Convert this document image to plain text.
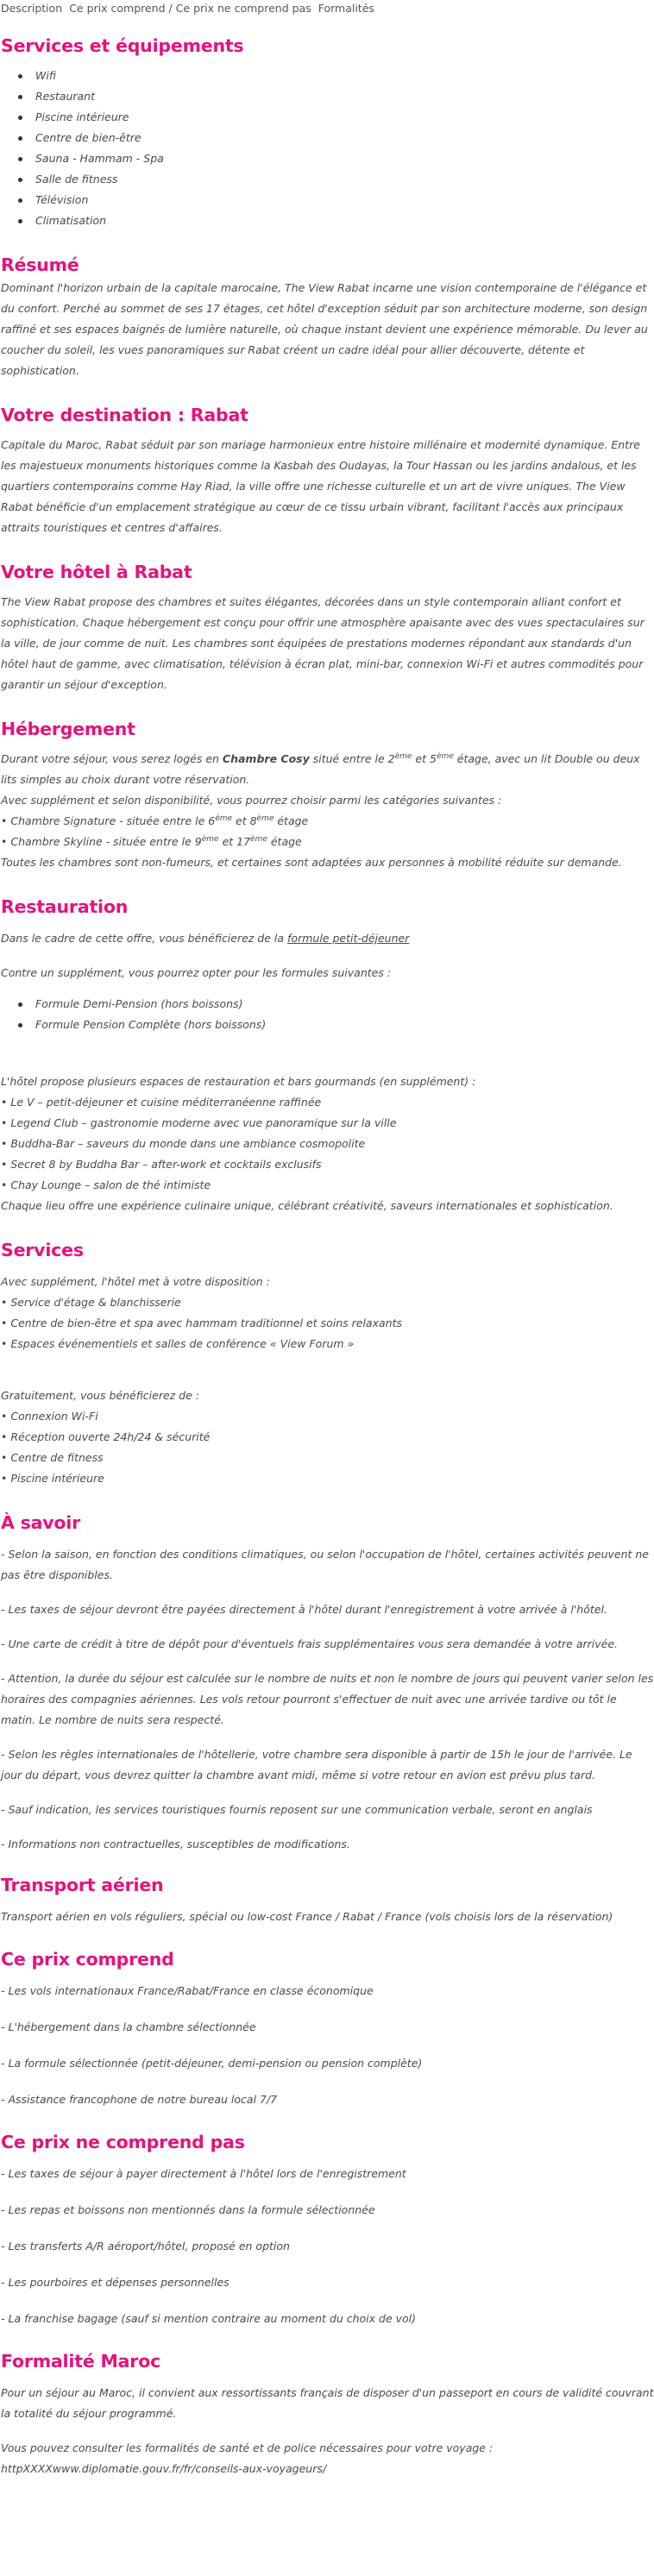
Description Ce prix comprend / Ce prix ne comprend pas Formalités
Services et équipements
Wifi
Restaurant
Piscine intérieure
Centre de bien-être
Sauna - Hammam - Spa
Salle de fitness
Télévision
Climatisation
Résumé

Dominant l'horizon urbain de la capitale marocaine, The View Rabat incarne une vision contemporaine de l'élégance et du confort. Perché au sommet de ses 17 étages, cet hôtel d'exception séduit par son architecture moderne, son design raffiné et ses espaces baignés de lumière naturelle, où chaque instant devient une expérience mémorable. Du lever au coucher du soleil, les vues panoramiques sur Rabat créent un cadre idéal pour allier découverte, détente et sophistication.

Votre destination : Rabat

Capitale du Maroc, Rabat séduit par son mariage harmonieux entre histoire millénaire et modernité dynamique. Entre les majestueux monuments historiques comme la Kasbah des Oudayas, la Tour Hassan ou les jardins andalous, et les quartiers contemporains comme Hay Riad, la ville offre une richesse culturelle et un art de vivre uniques. The View Rabat bénéficie d'un emplacement stratégique au cœur de ce tissu urbain vibrant, facilitant l'accès aux principaux attraits touristiques et centres d'affaires.

Votre hôtel à Rabat

The View Rabat propose des chambres et suites élégantes, décorées dans un style contemporain alliant confort et sophistication. Chaque hébergement est conçu pour offrir une atmosphère apaisante avec des vues spectaculaires sur la ville, de jour comme de nuit. Les chambres sont équipées de prestations modernes répondant aux standards d'un hôtel haut de gamme, avec climatisation, télévision à écran plat, mini-bar, connexion Wi-Fi et autres commodités pour garantir un séjour d'exception.

Hébergement

Durant votre séjour, vous serez logés en Chambre Cosy situé entre le 2ème et 5ème étage, avec un lit Double ou deux lits simples au choix durant votre réservation.

Avec supplément et selon disponibilité, vous pourrez choisir parmi les catégories suivantes :

• Chambre Signature - située entre le 6ème et 8ème étage

• Chambre Skyline - située entre le 9ème et 17ème étage

Toutes les chambres sont non-fumeurs, et certaines sont adaptées aux personnes à mobilité réduite sur demande.

Restauration

Dans le cadre de cette offre, vous bénéficierez de la formule petit-déjeuner

Contre un supplément, vous pourrez opter pour les formules suivantes :

Formule Demi-Pension (hors boissons)
Formule Pension Complète (hors boissons)

L'hôtel propose plusieurs espaces de restauration et bars gourmands (en supplément) :

• Le V – petit-déjeuner et cuisine méditerranéenne raffinée

• Legend Club – gastronomie moderne avec vue panoramique sur la ville

• Buddha-Bar – saveurs du monde dans une ambiance cosmopolite

• Secret 8 by Buddha Bar – after-work et cocktails exclusifs

• Chay Lounge – salon de thé intimiste

Chaque lieu offre une expérience culinaire unique, célébrant créativité, saveurs internationales et sophistication.

Services

Avec supplément, l'hôtel met à votre disposition :

• Service d'étage & blanchisserie

• Centre de bien-être et spa avec hammam traditionnel et soins relaxants

• Espaces événementiels et salles de conférence « View Forum »

Gratuitement, vous bénéficierez de :

• Connexion Wi-Fi

• Réception ouverte 24h/24 & sécurité

• Centre de fitness

• Piscine intérieure

À savoir

- Selon la saison, en fonction des conditions climatiques, ou selon l'occupation de l'hôtel, certaines activités peuvent ne pas être disponibles.

- Les taxes de séjour devront être payées directement à l'hôtel durant l'enregistrement à votre arrivée à l'hôtel.

- Une carte de crédit à titre de dépôt pour d'éventuels frais supplémentaires vous sera demandée à votre arrivée.

- Attention, la durée du séjour est calculée sur le nombre de nuits et non le nombre de jours qui peuvent varier selon les horaires des compagnies aériennes. Les vols retour pourront s'effectuer de nuit avec une arrivée tardive ou tôt le matin. Le nombre de nuits sera respecté.

- Selon les règles internationales de l'hôtellerie, votre chambre sera disponible à partir de 15h le jour de l'arrivée. Le jour du départ, vous devrez quitter la chambre avant midi, même si votre retour en avion est prévu plus tard.

- Sauf indication, les services touristiques fournis reposent sur une communication verbale, seront en anglais

- Informations non contractuelles, susceptibles de modifications.

Transport aérien

Transport aérien en vols réguliers, spécial ou low-cost France / Rabat / France (vols choisis lors de la réservation)

Ce prix comprend

- Les vols internationaux France/Rabat/France en classe économique

- L'hébergement dans la chambre sélectionnée

- La formule sélectionnée (petit-déjeuner, demi-pension ou pension complète)

- Assistance francophone de notre bureau local 7/7

Ce prix ne comprend pas

- Les taxes de séjour à payer directement à l'hôtel lors de l'enregistrement

- Les repas et boissons non mentionnés dans la formule sélectionnée

- Les transferts A/R aéroport/hôtel, proposé en option

- Les pourboires et dépenses personnelles

- La franchise bagage (sauf si mention contraire au moment du choix de vol)

Formalité Maroc

Pour un séjour au Maroc, il convient aux ressortissants français de disposer d'un passeport en cours de validité couvrant la totalité du séjour programmé.

Vous pouvez consulter les formalités de santé et de police nécessaires pour votre voyage :

httpXXXXwww.diplomatie.gouv.fr/fr/conseils-aux-voyageurs/
